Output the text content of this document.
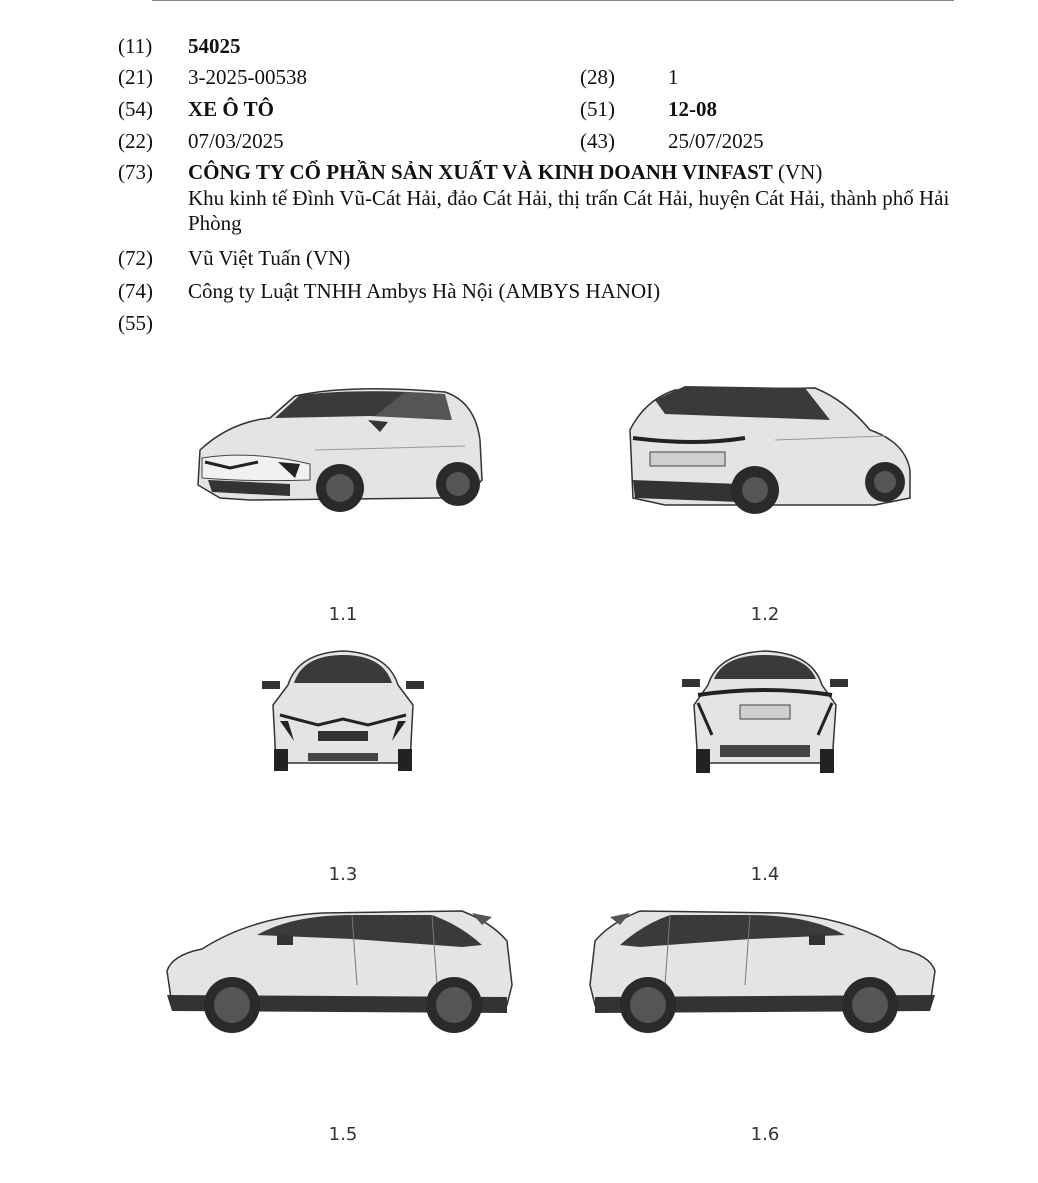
(11) 54025
(21) 3-2025-00538	(28)	1
(54) XE Ô TÔ	(51)	12-08
(22) 07/03/2025	(43)	25/07/2025
(73) CÔNG TY CỔ PHẦN SẢN XUẤT VÀ KINH DOANH VINFAST (VN)
Khu kinh tế Đình Vũ-Cát Hải, đảo Cát Hải, thị trấn Cát Hải, huyện Cát Hải, thành phố Hải Phòng
(72) Vũ Việt Tuấn (VN)
(74) Công ty Luật TNHH Ambys Hà Nội (AMBYS HANOI)
(55)
1.1	1.2
1.3	1.4
1.5	1.6
